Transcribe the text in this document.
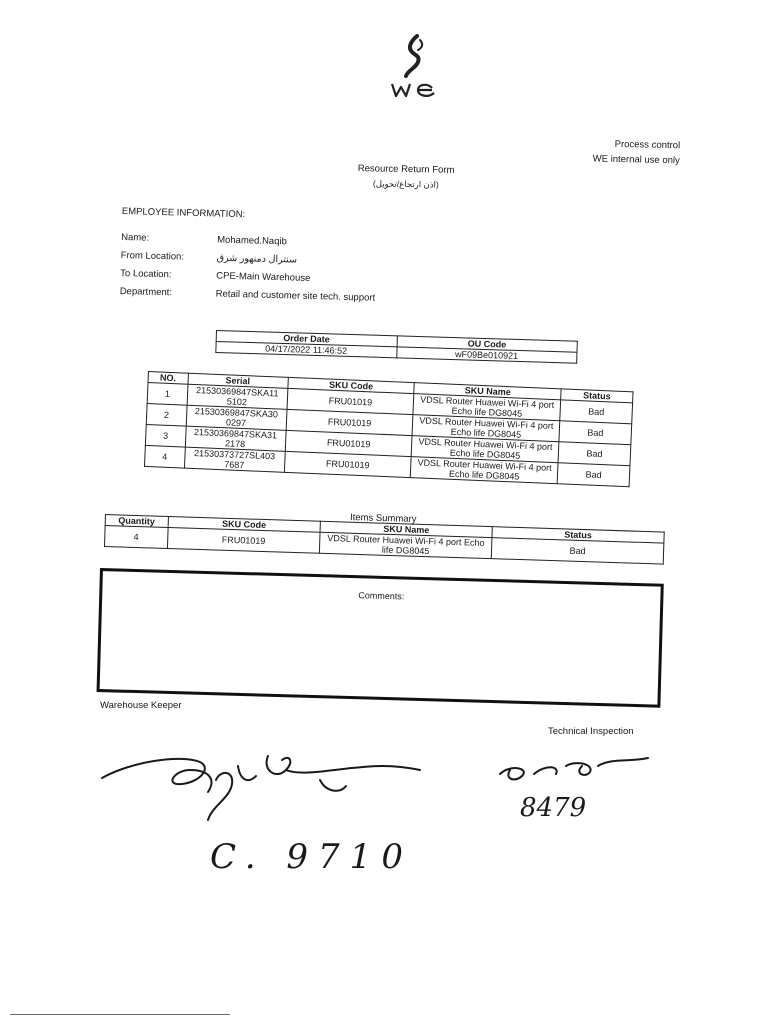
Process control
WE internal use only
Resource Return Form
(اذن ارتجاع/تحويل)
EMPLOYEE INFORMATION:
Name:	Mohamed.Naqib
From Location:	سنترال دمنهور شرق
To Location:	CPE-Main Warehouse
Department:	Retail and customer site tech. support
Order Date	OU Code
04/17/2022 11:46:52	wF09Be010921
NO.	Serial	SKU Code	SKU Name	Status
1	21530369847SKA11 5102	FRU01019	VDSL Router Huawei Wi-Fi 4 port Echo life DG8045	Bad
2	21530369847SKA30 0297	FRU01019	VDSL Router Huawei Wi-Fi 4 port Echo life DG8045	Bad
3	21530369847SKA31 2178	FRU01019	VDSL Router Huawei Wi-Fi 4 port Echo life DG8045	Bad
4	21530373727SL403 7687	FRU01019	VDSL Router Huawei Wi-Fi 4 port Echo life DG8045	Bad
Items Summary
Quantity	SKU Code	SKU Name	Status
4	FRU01019	VDSL Router Huawei Wi-Fi 4 port Echo life DG8045	Bad
Comments:
Warehouse Keeper
Technical Inspection
8479
C. 9710
